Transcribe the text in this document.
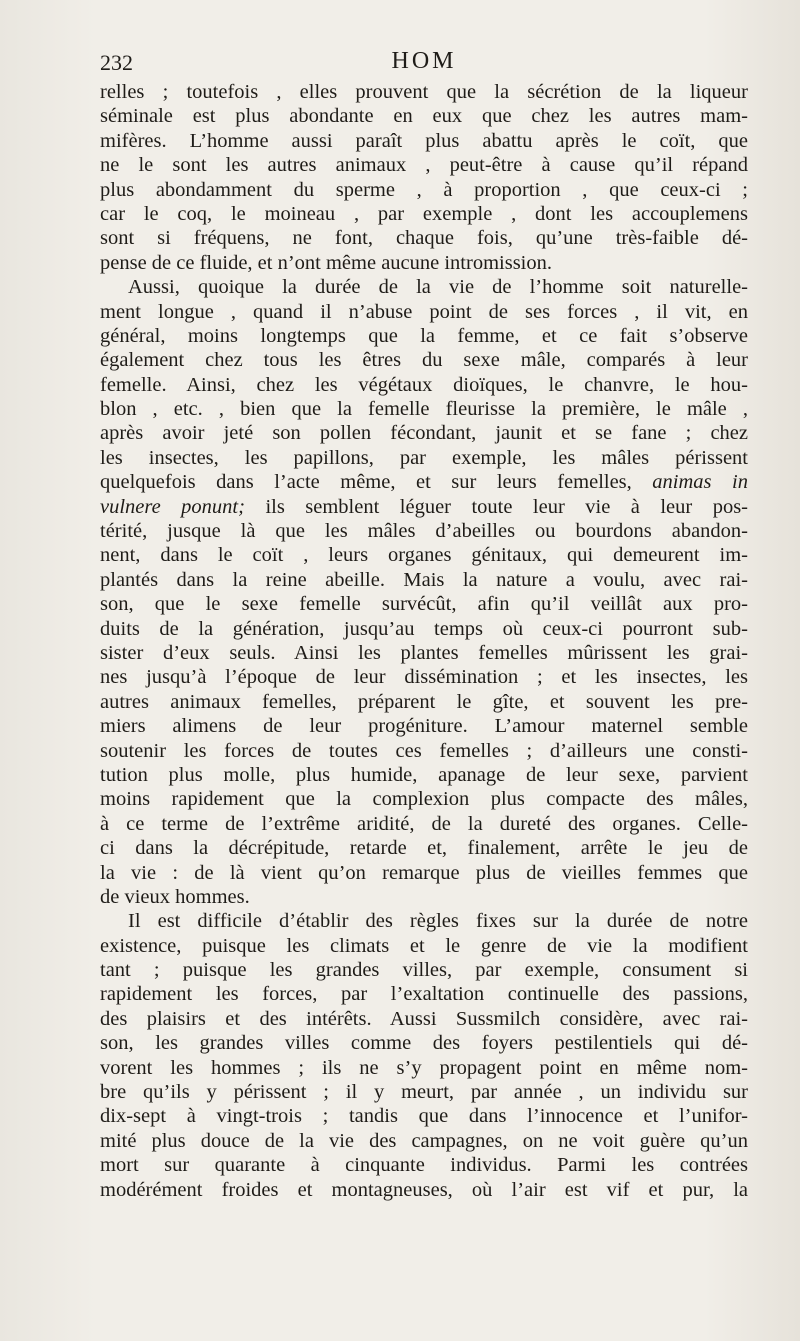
232	HOM
relles ; toutefois , elles prouvent que la sécrétion de la liqueur
séminale est plus abondante en eux que chez les autres mam-
mifères. L’homme aussi paraît plus abattu après le coït, que
ne le sont les autres animaux , peut-être à cause qu’il répand
plus abondamment du sperme , à proportion , que ceux-ci ;
car le coq, le moineau , par exemple , dont les accouplemens
sont si fréquens, ne font, chaque fois, qu’une très-faible dé-
pense de ce fluide, et n’ont même aucune intromission.
Aussi, quoique la durée de la vie de l’homme soit naturelle-
ment longue , quand il n’abuse point de ses forces , il vit, en
général, moins longtemps que la femme, et ce fait s’observe
également chez tous les êtres du sexe mâle, comparés à leur
femelle. Ainsi, chez les végétaux dioïques, le chanvre, le hou-
blon , etc. , bien que la femelle fleurisse la première, le mâle ,
après avoir jeté son pollen fécondant, jaunit et se fane ; chez
les insectes, les papillons, par exemple, les mâles périssent
quelquefois dans l’acte même, et sur leurs femelles, animas in
vulnere ponunt; ils semblent léguer toute leur vie à leur pos-
térité, jusque là que les mâles d’abeilles ou bourdons abandon-
nent, dans le coït , leurs organes génitaux, qui demeurent im-
plantés dans la reine abeille. Mais la nature a voulu, avec rai-
son, que le sexe femelle survécût, afin qu’il veillât aux pro-
duits de la génération, jusqu’au temps où ceux-ci pourront sub-
sister d’eux seuls. Ainsi les plantes femelles mûrissent les grai-
nes jusqu’à l’époque de leur dissémination ; et les insectes, les
autres animaux femelles, préparent le gîte, et souvent les pre-
miers alimens de leur progéniture. L’amour maternel semble
soutenir les forces de toutes ces femelles ; d’ailleurs une consti-
tution plus molle, plus humide, apanage de leur sexe, parvient
moins rapidement que la complexion plus compacte des mâles,
à ce terme de l’extrême aridité, de la dureté des organes. Celle-
ci dans la décrépitude, retarde et, finalement, arrête le jeu de
la vie : de là vient qu’on remarque plus de vieilles femmes que
de vieux hommes.
Il est difficile d’établir des règles fixes sur la durée de notre
existence, puisque les climats et le genre de vie la modifient
tant ; puisque les grandes villes, par exemple, consument si
rapidement les forces, par l’exaltation continuelle des passions,
des plaisirs et des intérêts. Aussi Sussmilch considère, avec rai-
son, les grandes villes comme des foyers pestilentiels qui dé-
vorent les hommes ; ils ne s’y propagent point en même nom-
bre qu’ils y périssent ; il y meurt, par année , un individu sur
dix-sept à vingt-trois ; tandis que dans l’innocence et l’unifor-
mité plus douce de la vie des campagnes, on ne voit guère qu’un
mort sur quarante à cinquante individus. Parmi les contrées
modérément froides et montagneuses, où l’air est vif et pur, la
